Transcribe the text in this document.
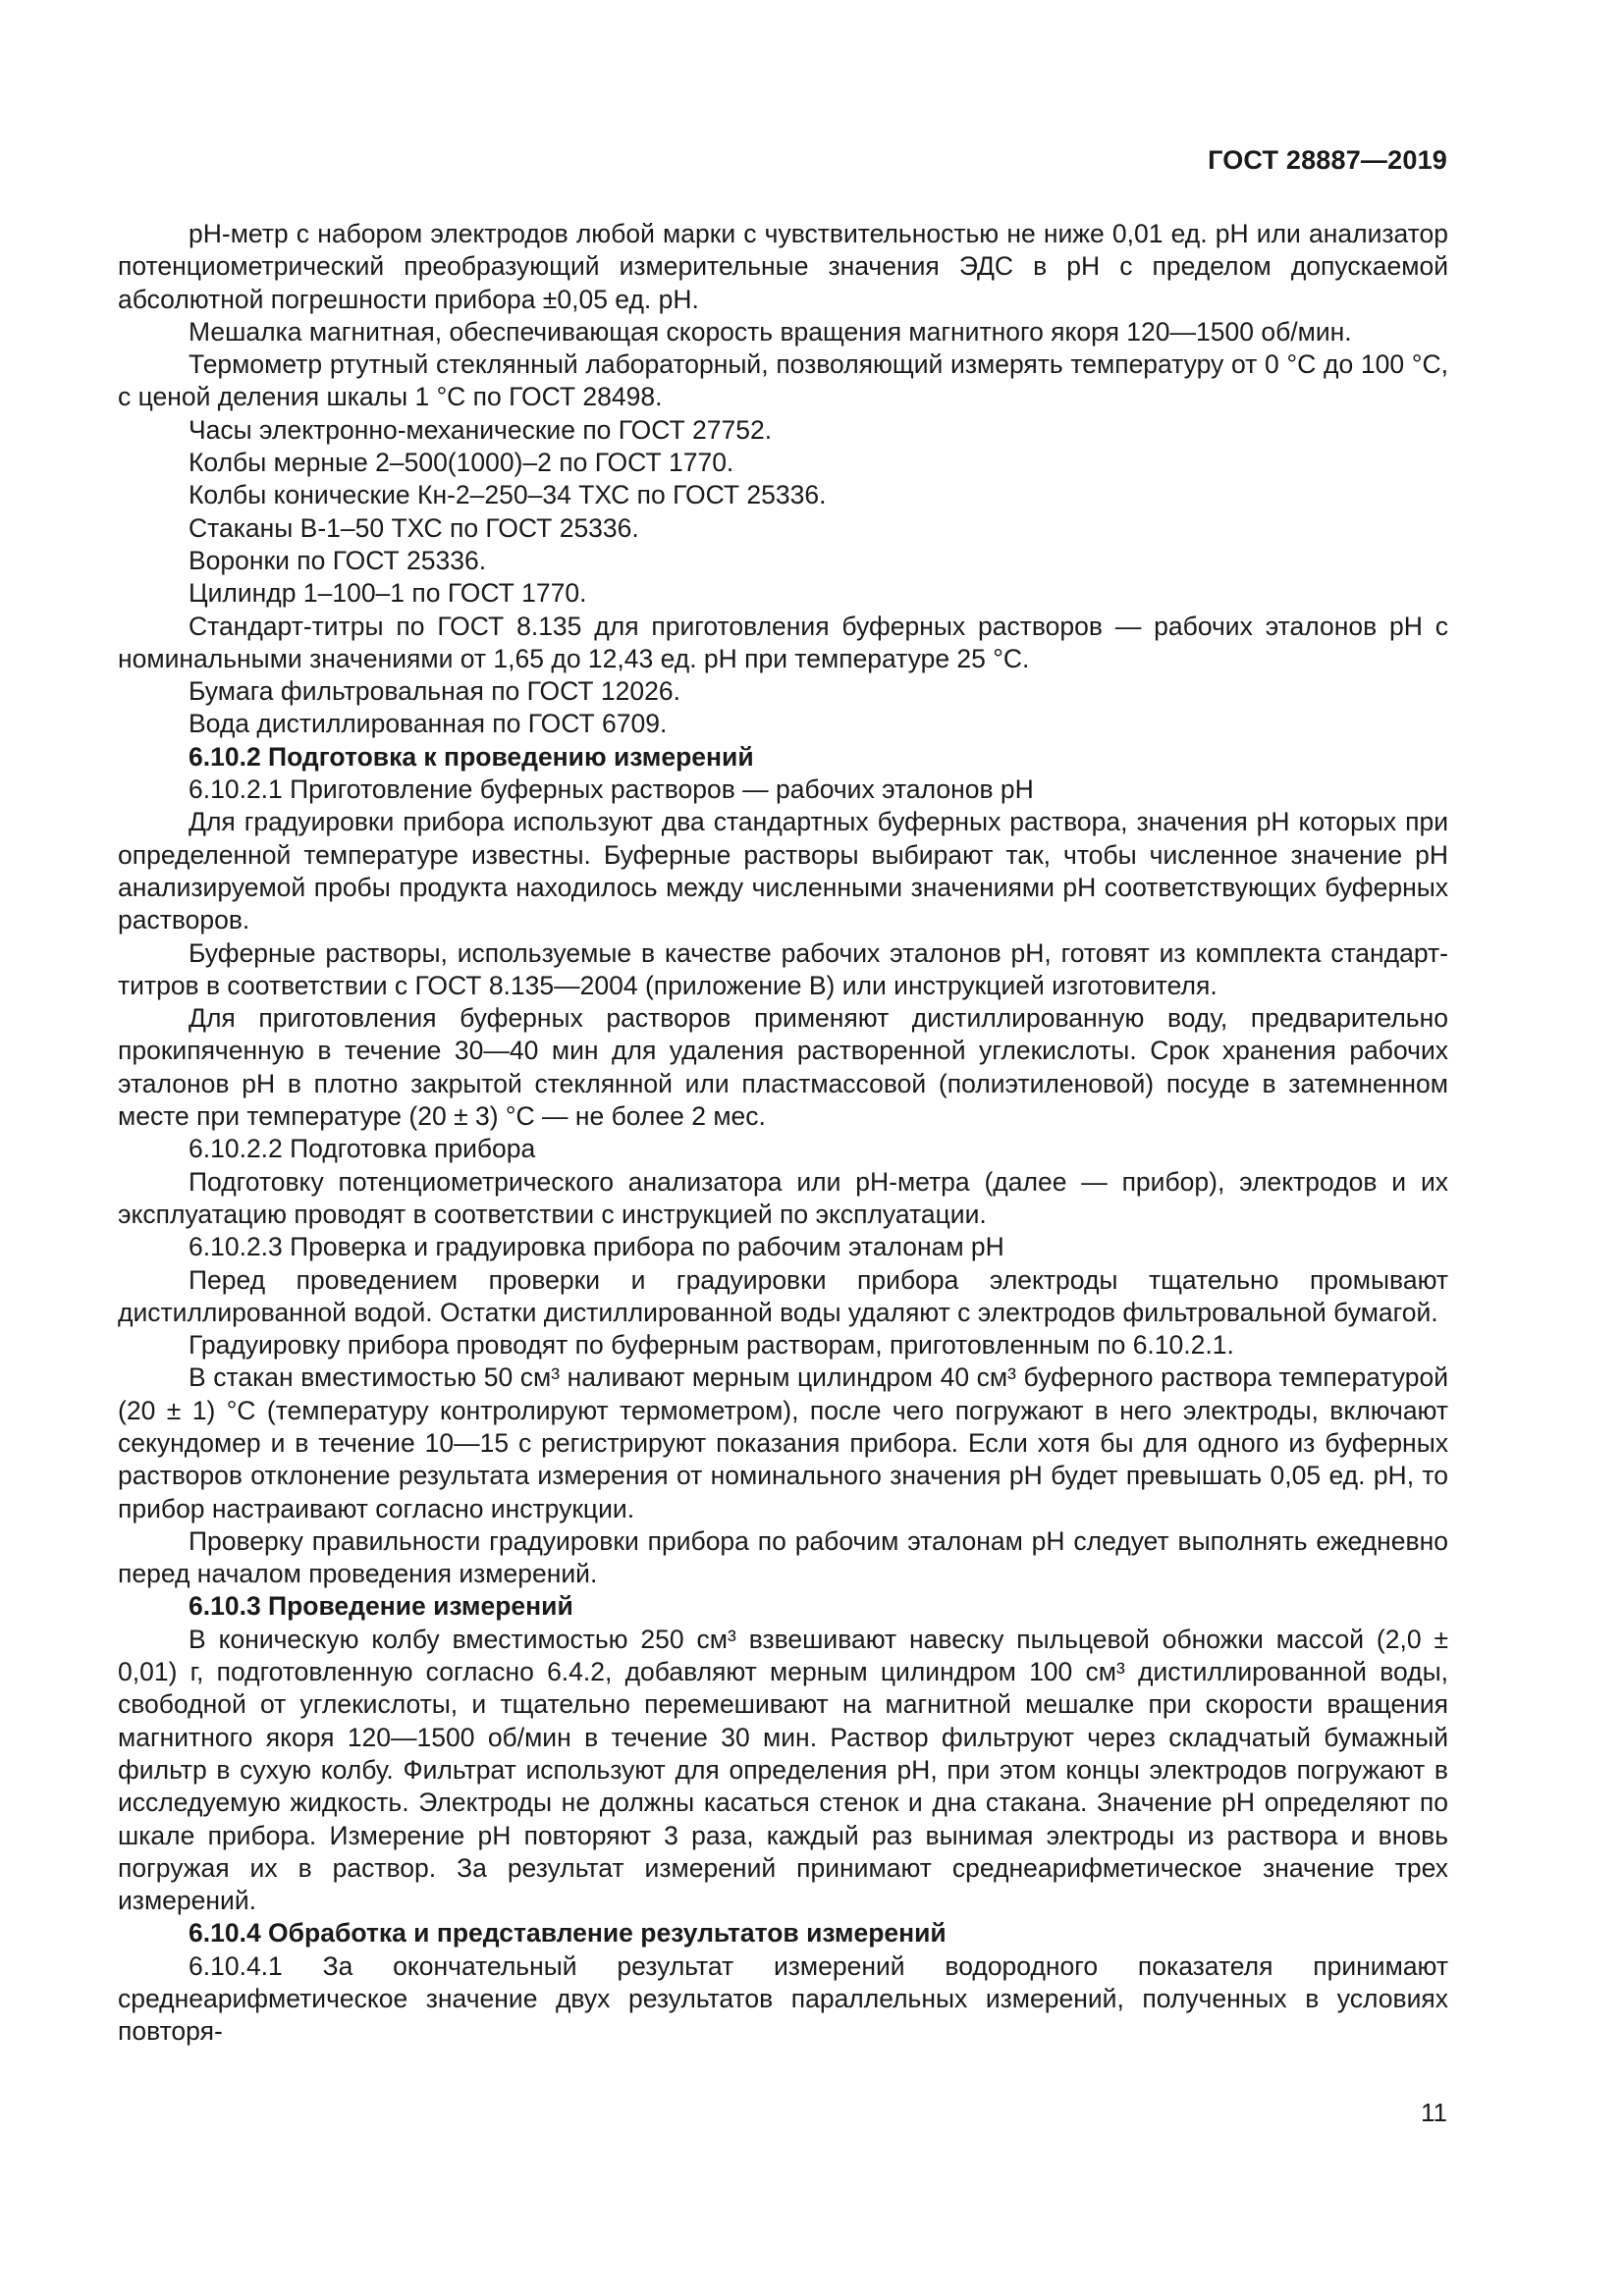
ГОСТ 28887—2019

pH-метр с набором электродов любой марки с чувствительностью не ниже 0,01 ед. pH или анализатор потенциометрический преобразующий измерительные значения ЭДС в pH с пределом допускаемой абсолютной погрешности прибора ±0,05 ед. pH.

Мешалка магнитная, обеспечивающая скорость вращения магнитного якоря 120—1500 об/мин.

Термометр ртутный стеклянный лабораторный, позволяющий измерять температуру от 0 °С до 100 °С, с ценой деления шкалы 1 °С по ГОСТ 28498.

Часы электронно-механические по ГОСТ 27752.

Колбы мерные 2–500(1000)–2 по ГОСТ 1770.

Колбы конические Кн-2–250–34 ТХС по ГОСТ 25336.

Стаканы В-1–50 ТХС по ГОСТ 25336.

Воронки по ГОСТ 25336.

Цилиндр 1–100–1 по ГОСТ 1770.

Стандарт-титры по ГОСТ 8.135 для приготовления буферных растворов — рабочих эталонов pH с номинальными значениями от 1,65 до 12,43 ед. pH при температуре 25 °С.

Бумага фильтровальная по ГОСТ 12026.

Вода дистиллированная по ГОСТ 6709.

6.10.2 Подготовка к проведению измерений

6.10.2.1 Приготовление буферных растворов — рабочих эталонов pH

Для градуировки прибора используют два стандартных буферных раствора, значения pH которых при определенной температуре известны. Буферные растворы выбирают так, чтобы численное значение pH анализируемой пробы продукта находилось между численными значениями pH соответствующих буферных растворов.

Буферные растворы, используемые в качестве рабочих эталонов pH, готовят из комплекта стандарт-титров в соответствии с ГОСТ 8.135—2004 (приложение В) или инструкцией изготовителя.

Для приготовления буферных растворов применяют дистиллированную воду, предварительно прокипяченную в течение 30—40 мин для удаления растворенной углекислоты. Срок хранения рабочих эталонов pH в плотно закрытой стеклянной или пластмассовой (полиэтиленовой) посуде в затемненном месте при температуре (20 ± 3) °С — не более 2 мес.

6.10.2.2 Подготовка прибора

Подготовку потенциометрического анализатора или pH-метра (далее — прибор), электродов и их эксплуатацию проводят в соответствии с инструкцией по эксплуатации.

6.10.2.3 Проверка и градуировка прибора по рабочим эталонам pH

Перед проведением проверки и градуировки прибора электроды тщательно промывают дистиллированной водой. Остатки дистиллированной воды удаляют с электродов фильтровальной бумагой.

Градуировку прибора проводят по буферным растворам, приготовленным по 6.10.2.1.

В стакан вместимостью 50 см³ наливают мерным цилиндром 40 см³ буферного раствора температурой (20 ± 1) °С (температуру контролируют термометром), после чего погружают в него электроды, включают секундомер и в течение 10—15 с регистрируют показания прибора. Если хотя бы для одного из буферных растворов отклонение результата измерения от номинального значения pH будет превышать 0,05 ед. pH, то прибор настраивают согласно инструкции.

Проверку правильности градуировки прибора по рабочим эталонам pH следует выполнять ежедневно перед началом проведения измерений.

6.10.3 Проведение измерений

В коническую колбу вместимостью 250 см³ взвешивают навеску пыльцевой обножки массой (2,0 ± 0,01) г, подготовленную согласно 6.4.2, добавляют мерным цилиндром 100 см³ дистиллированной воды, свободной от углекислоты, и тщательно перемешивают на магнитной мешалке при скорости вращения магнитного якоря 120—1500 об/мин в течение 30 мин. Раствор фильтруют через складчатый бумажный фильтр в сухую колбу. Фильтрат используют для определения pH, при этом концы электродов погружают в исследуемую жидкость. Электроды не должны касаться стенок и дна стакана. Значение pH определяют по шкале прибора. Измерение pH повторяют 3 раза, каждый раз вынимая электроды из раствора и вновь погружая их в раствор. За результат измерений принимают среднеарифметическое значение трех измерений.

6.10.4 Обработка и представление результатов измерений

6.10.4.1 За окончательный результат измерений водородного показателя принимают среднеарифметическое значение двух результатов параллельных измерений, полученных в условиях повторя-

11
